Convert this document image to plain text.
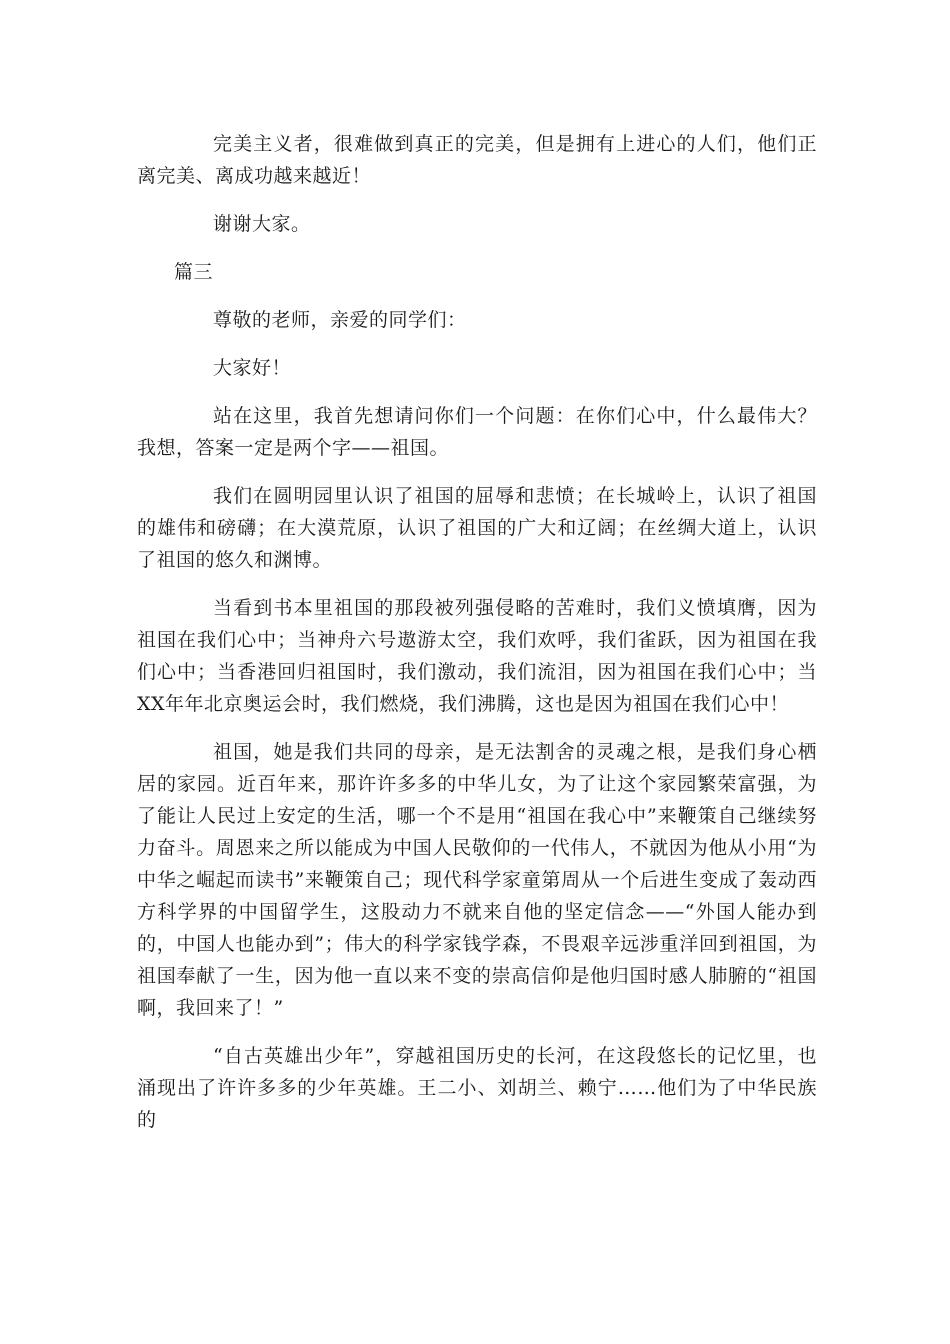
完美主义者，很难做到真正的完美，但是拥有上进心的人们，他们正离完美、离成功越来越近！

谢谢大家。

篇三

尊敬的老师，亲爱的同学们：

大家好！

站在这里，我首先想请问你们一个问题：在你们心中，什么最伟大？我想，答案一定是两个字——祖国。

我们在圆明园里认识了祖国的屈辱和悲愤；在长城岭上，认识了祖国的雄伟和磅礴；在大漠荒原，认识了祖国的广大和辽阔；在丝绸大道上，认识了祖国的悠久和渊博。

当看到书本里祖国的那段被列强侵略的苦难时，我们义愤填膺，因为祖国在我们心中；当神舟六号遨游太空，我们欢呼，我们雀跃，因为祖国在我们心中；当香港回归祖国时，我们激动，我们流泪，因为祖国在我们心中；当XX年年北京奥运会时，我们燃烧，我们沸腾，这也是因为祖国在我们心中！

祖国，她是我们共同的母亲，是无法割舍的灵魂之根，是我们身心栖居的家园。近百年来，那许许多多的中华儿女，为了让这个家园繁荣富强，为了能让人民过上安定的生活，哪一个不是用“祖国在我心中”来鞭策自己继续努力奋斗。周恩来之所以能成为中国人民敬仰的一代伟人，不就因为他从小用“为中华之崛起而读书”来鞭策自己；现代科学家童第周从一个后进生变成了轰动西方科学界的中国留学生，这股动力不就来自他的坚定信念——“外国人能办到的，中国人也能办到”；伟大的科学家钱学森，不畏艰辛远涉重洋回到祖国，为祖国奉献了一生，因为他一直以来不变的崇高信仰是他归国时感人肺腑的“祖国啊，我回来了！”

“自古英雄出少年”，穿越祖国历史的长河，在这段悠长的记忆里，也涌现出了许许多多的少年英雄。王二小、刘胡兰、赖宁……他们为了中华民族的
